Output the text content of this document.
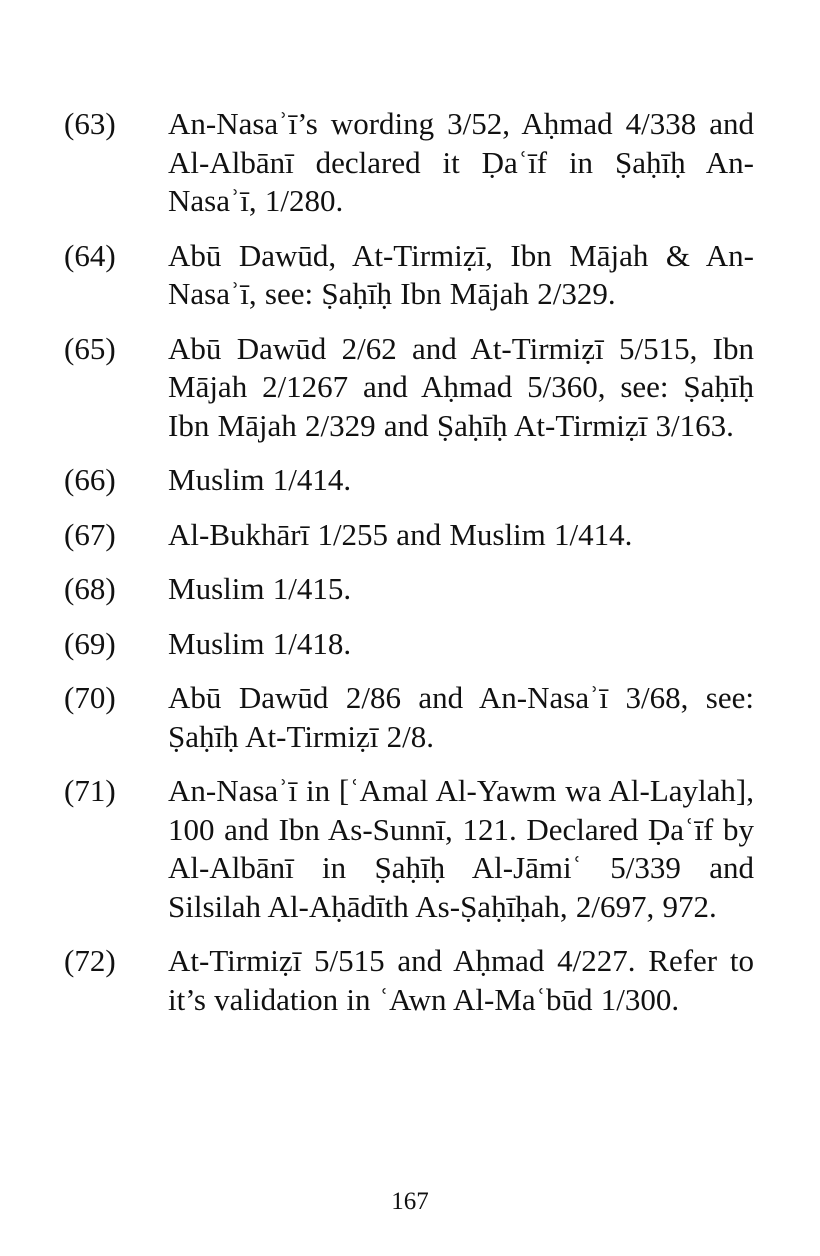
(63)	An-Nasaʾī’s wording 3/52, Aḥmad 4/338 and Al-Albānī declared it Ḍaʿīf in Ṣaḥīḥ An-Nasaʾī, 1/280.
(64)	Abū Dawūd, At-Tirmiẓī, Ibn Mājah & An-Nasaʾī, see: Ṣaḥīḥ Ibn Mājah 2/329.
(65)	Abū Dawūd 2/62 and At-Tirmiẓī 5/515, Ibn Mājah 2/1267 and Aḥmad 5/360, see: Ṣaḥīḥ Ibn Mājah 2/329 and Ṣaḥīḥ At-Tirmiẓī 3/163.
(66)	Muslim 1/414.
(67)	Al-Bukhārī 1/255 and Muslim 1/414.
(68)	Muslim 1/415.
(69)	Muslim 1/418.
(70)	Abū Dawūd 2/86 and An-Nasaʾī 3/68, see: Ṣaḥīḥ At-Tirmiẓī 2/8.
(71)	An-Nasaʾī in [ʿAmal Al-Yawm wa Al-Laylah], 100 and Ibn As-Sunnī, 121. Declared Ḍaʿīf by Al-Albānī in Ṣaḥīḥ Al-Jāmiʿ 5/339 and Silsilah Al-Aḥādīth As-Ṣaḥīḥah, 2/697, 972.
(72)	At-Tirmiẓī 5/515 and Aḥmad 4/227. Refer to it’s validation in ʿAwn Al-Maʿbūd 1/300.
167
